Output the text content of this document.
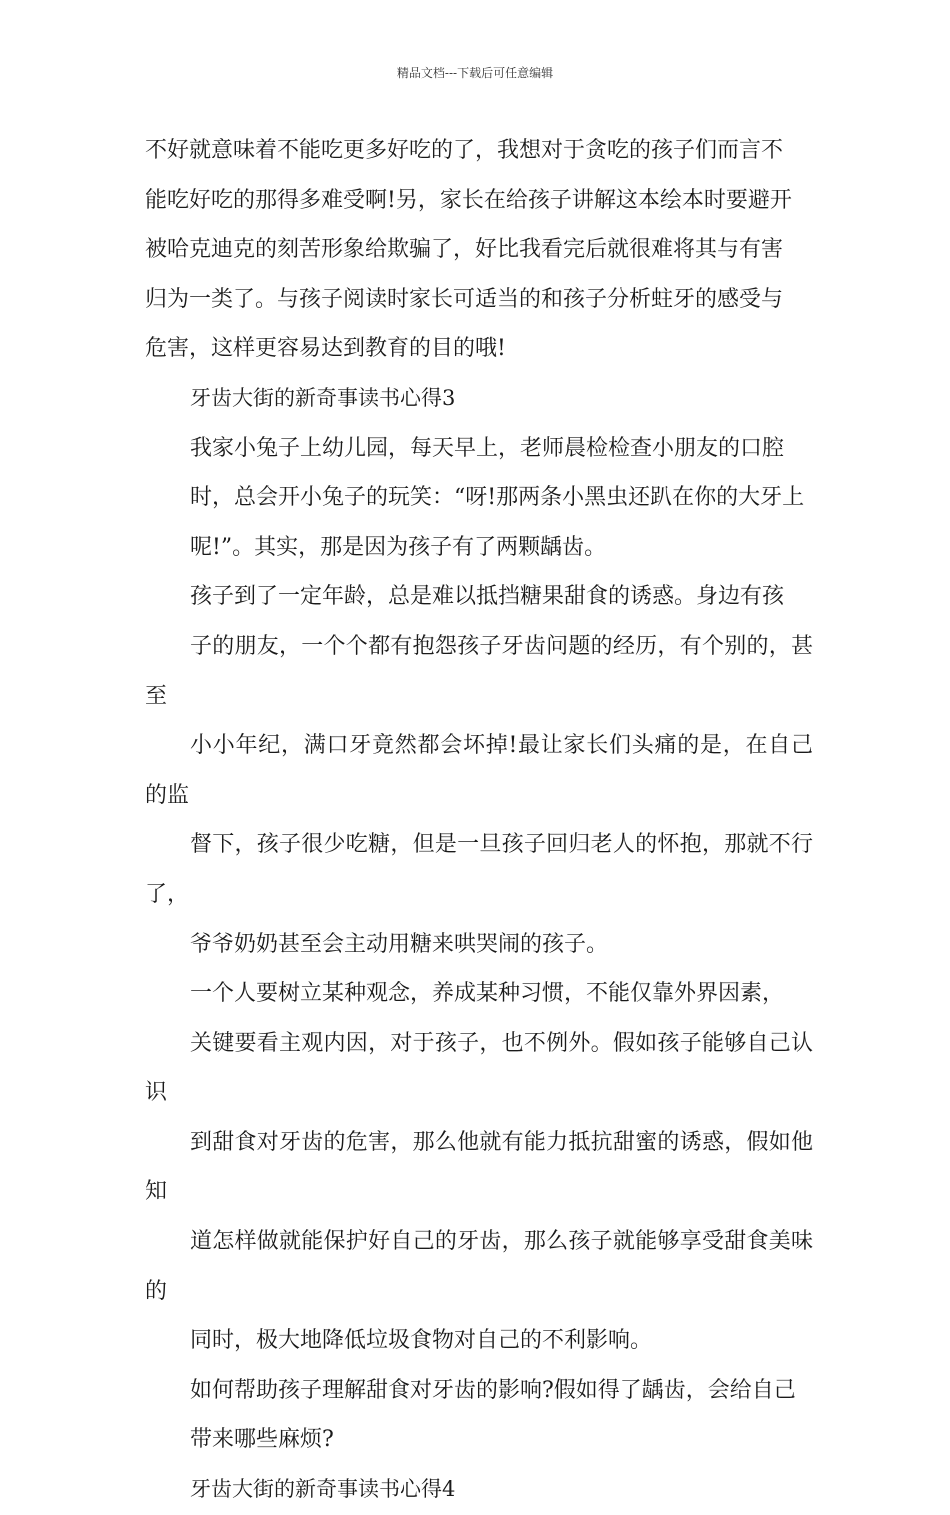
精品文档---下载后可任意编辑

不好就意味着不能吃更多好吃的了，我想对于贪吃的孩子们而言不
能吃好吃的那得多难受啊!另，家长在给孩子讲解这本绘本时要避开
被哈克迪克的刻苦形象给欺骗了，好比我看完后就很难将其与有害
归为一类了。与孩子阅读时家长可适当的和孩子分析蛀牙的感受与
危害，这样更容易达到教育的目的哦!

牙齿大街的新奇事读书心得3

我家小兔子上幼儿园，每天早上，老师晨检检查小朋友的口腔
时，总会开小兔子的玩笑：“呀!那两条小黑虫还趴在你的大牙上
呢!”。其实，那是因为孩子有了两颗龋齿。

孩子到了一定年龄，总是难以抵挡糖果甜食的诱惑。身边有孩
子的朋友，一个个都有抱怨孩子牙齿问题的经历，有个别的，甚至
小小年纪，满口牙竟然都会坏掉!最让家长们头痛的是，在自己的监
督下，孩子很少吃糖，但是一旦孩子回归老人的怀抱，那就不行了，
爷爷奶奶甚至会主动用糖来哄哭闹的孩子。

一个人要树立某种观念，养成某种习惯，不能仅靠外界因素，
关键要看主观内因，对于孩子，也不例外。假如孩子能够自己认识
到甜食对牙齿的危害，那么他就有能力抵抗甜蜜的诱惑，假如他知
道怎样做就能保护好自己的牙齿，那么孩子就能够享受甜食美味的
同时，极大地降低垃圾食物对自己的不利影响。

如何帮助孩子理解甜食对牙齿的影响?假如得了龋齿，会给自己
带来哪些麻烦?

牙齿大街的新奇事读书心得4
